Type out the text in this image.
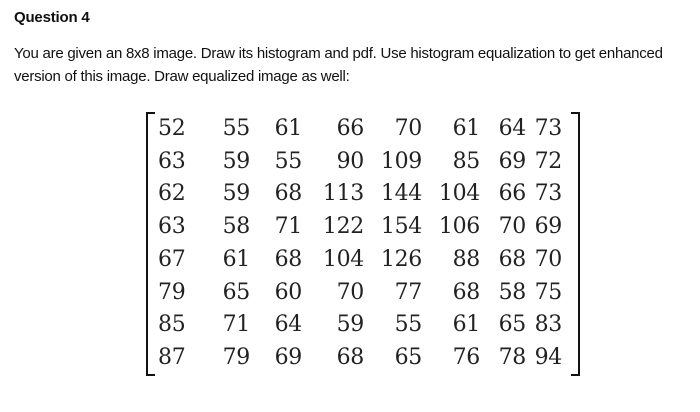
Question 4
You are given an 8x8 image. Draw its histogram and pdf. Use histogram equalization to get enhanced
version of this image. Draw equalized image as well:
52	55	61	66	70	61 64 73
63	59	55	90 109	85 69 72
62	59	68 113 144 104 66 73
63	58	71 122 154 106 70 69
67	61	68 104 126	88 68 70
79	65	60	70	77	68 58 75
85	71	64	59	55	61 65 83
87	79	69	68	65	76 78 94
